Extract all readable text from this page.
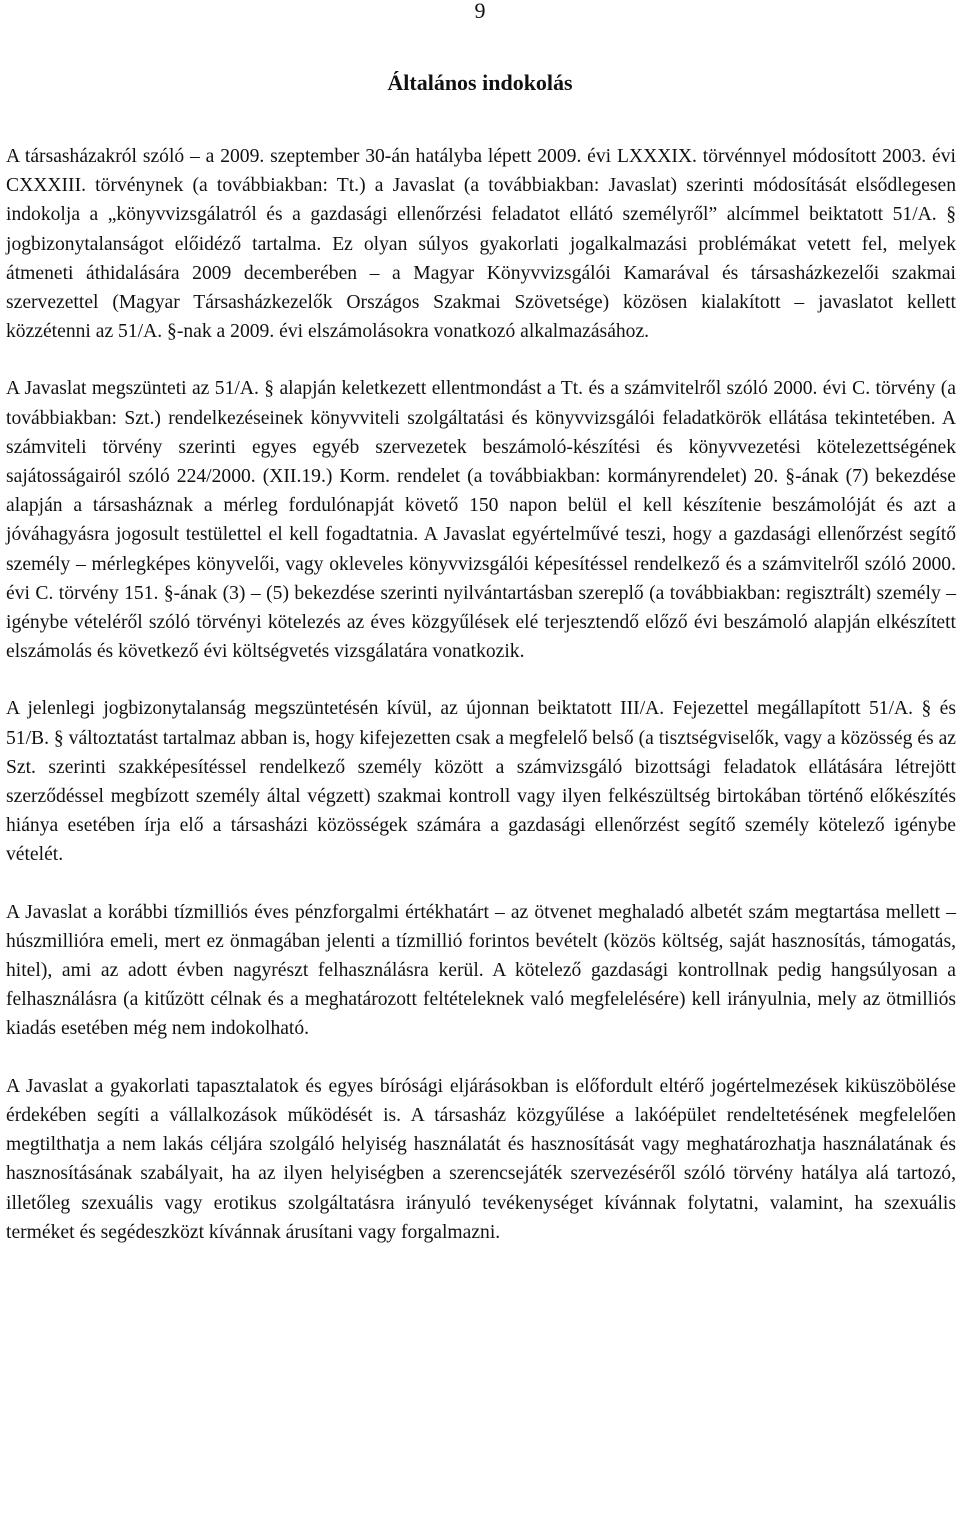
9
Általános indokolás

A társasházakról szóló – a 2009. szeptember 30-án hatályba lépett 2009. évi LXXXIX. törvénnyel módosított 2003. évi CXXXIII. törvénynek (a továbbiakban: Tt.) a Javaslat (a továbbiakban: Javaslat) szerinti módosítását elsődlegesen indokolja a „könyvvizsgálatról és a gazdasági ellenőrzési feladatot ellátó személyről” alcímmel beiktatott 51/A. § jogbizonytalanságot előidéző tartalma. Ez olyan súlyos gyakorlati jogalkalmazási problémákat vetett fel, melyek átmeneti áthidalására 2009 decemberében – a Magyar Könyvvizsgálói Kamarával és társasházkezelői szakmai szervezettel (Magyar Társasházkezelők Országos Szakmai Szövetsége) közösen kialakított – javaslatot kellett közzétenni az 51/A. §-nak a 2009. évi elszámolásokra vonatkozó alkalmazásához.

A Javaslat megszünteti az 51/A. § alapján keletkezett ellentmondást a Tt. és a számvitelről szóló 2000. évi C. törvény (a továbbiakban: Szt.) rendelkezéseinek könyvviteli szolgáltatási és könyvvizsgálói feladatkörök ellátása tekintetében. A számviteli törvény szerinti egyes egyéb szervezetek beszámoló-készítési és könyvvezetési kötelezettségének sajátosságairól szóló 224/2000. (XII.19.) Korm. rendelet (a továbbiakban: kormányrendelet) 20. §-ának (7) bekezdése alapján a társasháznak a mérleg fordulónapját követő 150 napon belül el kell készítenie beszámolóját és azt a jóváhagyásra jogosult testülettel el kell fogadtatnia. A Javaslat egyértelművé teszi, hogy a gazdasági ellenőrzést segítő személy – mérlegképes könyvelői, vagy okleveles könyvvizsgálói képesítéssel rendelkező és a számvitelről szóló 2000. évi C. törvény 151. §-ának (3) – (5) bekezdése szerinti nyilvántartásban szereplő (a továbbiakban: regisztrált) személy – igénybe vételéről szóló törvényi kötelezés az éves közgyűlések elé terjesztendő előző évi beszámoló alapján elkészített elszámolás és következő évi költségvetés vizsgálatára vonatkozik.

A jelenlegi jogbizonytalanság megszüntetésén kívül, az újonnan beiktatott III/A. Fejezettel megállapított 51/A. § és 51/B. § változtatást tartalmaz abban is, hogy kifejezetten csak a megfelelő belső (a tisztségviselők, vagy a közösség és az Szt. szerinti szakképesítéssel rendelkező személy között a számvizsgáló bizottsági feladatok ellátására létrejött szerződéssel megbízott személy által végzett) szakmai kontroll vagy ilyen felkészültség birtokában történő előkészítés hiánya esetében írja elő a társasházi közösségek számára a gazdasági ellenőrzést segítő személy kötelező igénybe vételét.

A Javaslat a korábbi tízmilliós éves pénzforgalmi értékhatárt – az ötvenet meghaladó albetét szám megtartása mellett – húszmillióra emeli, mert ez önmagában jelenti a tízmillió forintos bevételt (közös költség, saját hasznosítás, támogatás, hitel), ami az adott évben nagyrészt felhasználásra kerül. A kötelező gazdasági kontrollnak pedig hangsúlyosan a felhasználásra (a kitűzött célnak és a meghatározott feltételeknek való megfelelésére) kell irányulnia, mely az ötmilliós kiadás esetében még nem indokolható.

A Javaslat a gyakorlati tapasztalatok és egyes bírósági eljárásokban is előfordult eltérő jogértelmezések kiküszöbölése érdekében segíti a vállalkozások működését is. A társasház közgyűlése a lakóépület rendeltetésének megfelelően megtilthatja a nem lakás céljára szolgáló helyiség használatát és hasznosítását vagy meghatározhatja használatának és hasznosításának szabályait, ha az ilyen helyiségben a szerencsejáték szervezéséről szóló törvény hatálya alá tartozó, illetőleg szexuális vagy erotikus szolgáltatásra irányuló tevékenységet kívánnak folytatni, valamint, ha szexuális terméket és segédeszközt kívánnak árusítani vagy forgalmazni.
